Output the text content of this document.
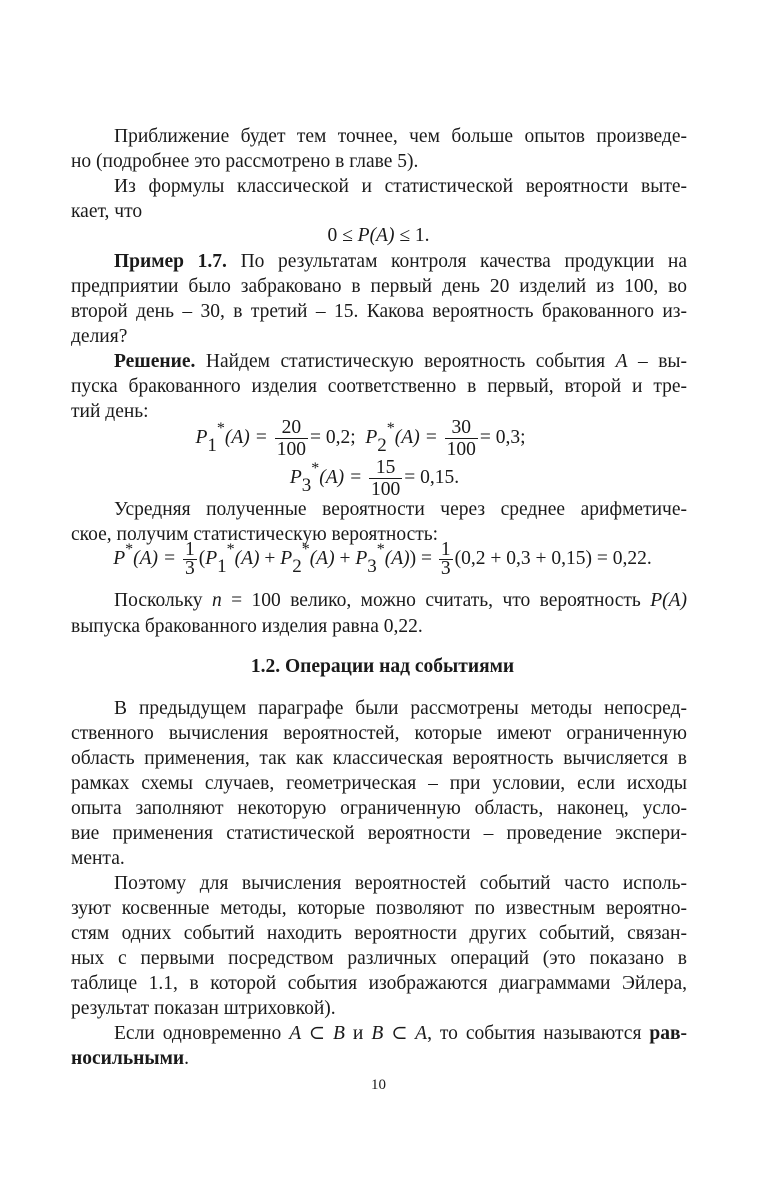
Приближение будет тем точнее, чем больше опытов произведе-
но (подробнее это рассмотрено в главе 5).
Из формулы классической и статистической вероятности выте-
кает, что
0 ≤ P(A) ≤ 1.
Пример 1.7. По результатам контроля качества продукции на
предприятии было забраковано в первый день 20 изделий из 100, во
второй день – 30, в третий – 15. Какова вероятность бракованного из-
делия?
Решение. Найдем статистическую вероятность события A – вы-
пуска бракованного изделия соответственно в первый, второй и тре-
тий день:
$P1^*(A) = \frac{20}{100} = 0,2$; $P2^*(A) = \frac{30}{100} = 0,3$;
$P3^*(A) = \frac{15}{100} = 0,15$.
Усредняя полученные вероятности через среднее арифметиче-
ское, получим статистическую вероятность:
$P^*(A) = \frac{1}{3} (P1^*(A) + P2^*(A) + P3^*(A)) = \frac{1}{3} (0,2 + 0,3 + 0,15) = 0,22$.
Поскольку n = 100 велико, можно считать, что вероятность P(A)
выпуска бракованного изделия равна 0,22.
1.2. Операции над событиями
В предыдущем параграфе были рассмотрены методы непосред-
ственного вычисления вероятностей, которые имеют ограниченную
область применения, так как классическая вероятность вычисляется в
рамках схемы случаев, геометрическая – при условии, если исходы
опыта заполняют некоторую ограниченную область, наконец, усло-
вие применения статистической вероятности – проведение экспери-
мента.
Поэтому для вычисления вероятностей событий часто исполь-
зуют косвенные методы, которые позволяют по известным вероятно-
стям одних событий находить вероятности других событий, связан-
ных с первыми посредством различных операций (это показано в
таблице 1.1, в которой события изображаются диаграммами Эйлера,
результат показан штриховкой).
Если одновременно A ⊂ B и B ⊂ A, то события называются рав-
носильными.
10
